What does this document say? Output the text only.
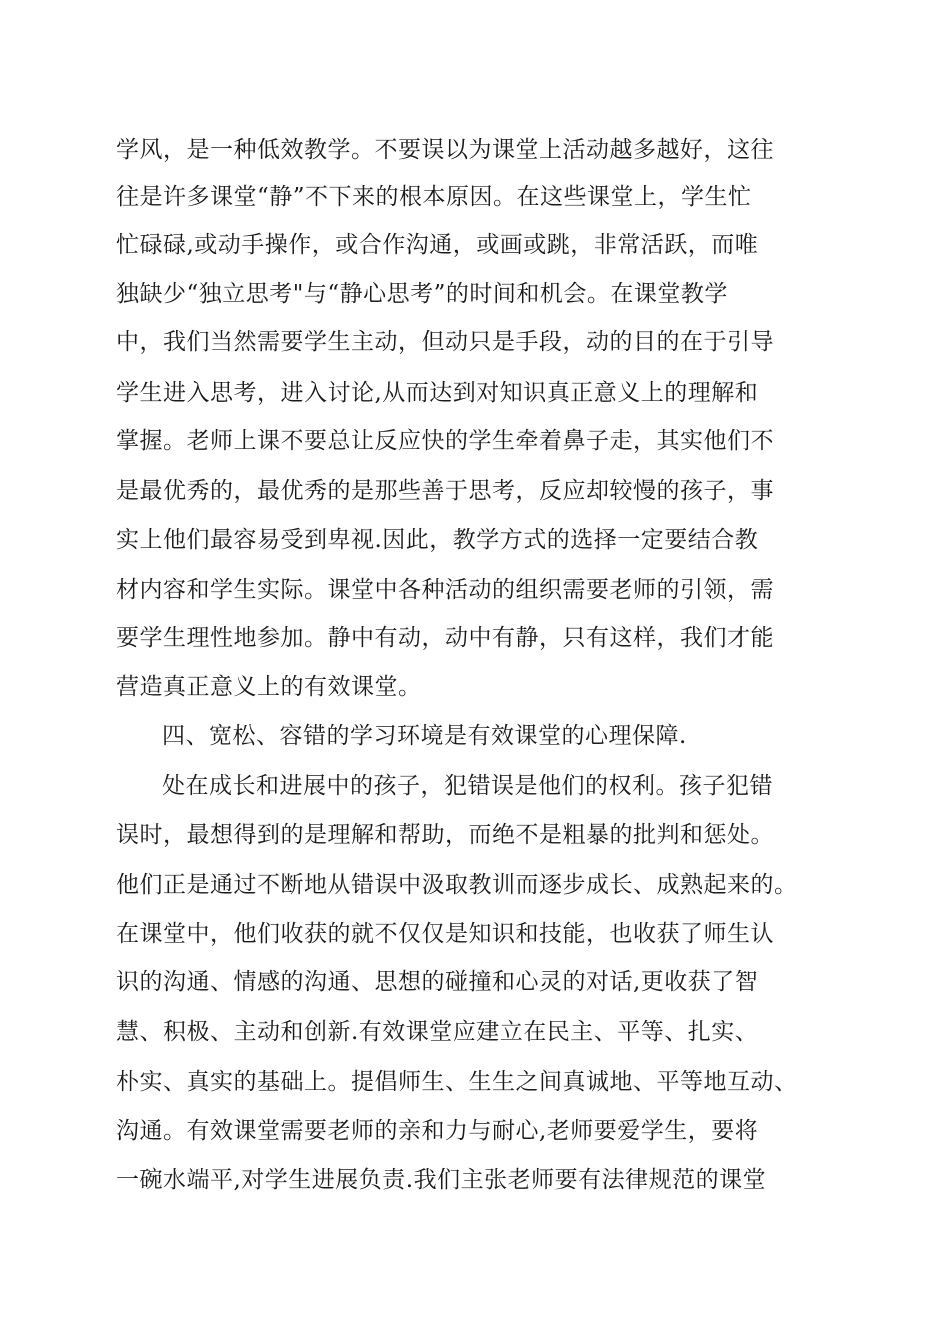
学风，是一种低效教学。不要误以为课堂上活动越多越好，这往
往是许多课堂“静”不下来的根本原因。在这些课堂上，学生忙
忙碌碌,或动手操作，或合作沟通，或画或跳，非常活跃，而唯
独缺少“独立思考"与“静心思考”的时间和机会。在课堂教学
中，我们当然需要学生主动，但动只是手段，动的目的在于引导
学生进入思考，进入讨论,从而达到对知识真正意义上的理解和
掌握。老师上课不要总让反应快的学生牵着鼻子走，其实他们不
是最优秀的，最优秀的是那些善于思考，反应却较慢的孩子，事
实上他们最容易受到卑视.因此，教学方式的选择一定要结合教
材内容和学生实际。课堂中各种活动的组织需要老师的引领，需
要学生理性地参加。静中有动，动中有静，只有这样，我们才能
营造真正意义上的有效课堂。
四、宽松、容错的学习环境是有效课堂的心理保障.
处在成长和进展中的孩子，犯错误是他们的权利。孩子犯错
误时，最想得到的是理解和帮助，而绝不是粗暴的批判和惩处。
他们正是通过不断地从错误中汲取教训而逐步成长、成熟起来的。
在课堂中，他们收获的就不仅仅是知识和技能，也收获了师生认
识的沟通、情感的沟通、思想的碰撞和心灵的对话,更收获了智
慧、积极、主动和创新.有效课堂应建立在民主、平等、扎实、
朴实、真实的基础上。提倡师生、生生之间真诚地、平等地互动、
沟通。有效课堂需要老师的亲和力与耐心,老师要爱学生，要将
一碗水端平,对学生进展负责.我们主张老师要有法律规范的课堂
